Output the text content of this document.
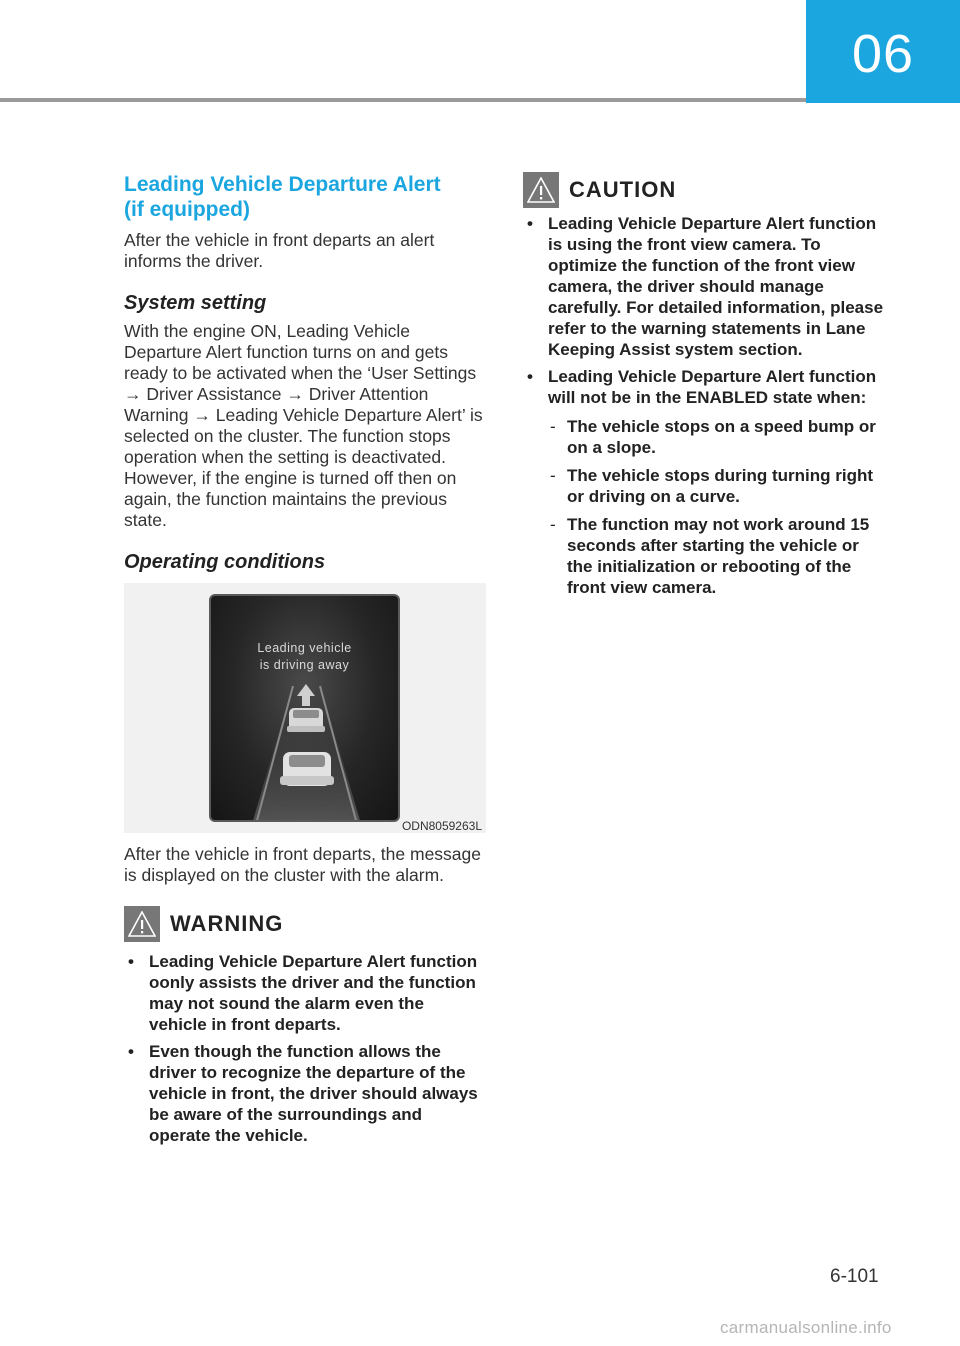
06
Leading Vehicle Departure Alert
(if equipped)

After the vehicle in front departs an alert informs the driver.

System setting

With the engine ON, Leading Vehicle Departure Alert function turns on and gets ready to be activated when the ‘User Settings → Driver Assistance → Driver Attention Warning → Leading Vehicle Departure Alert’ is selected on the cluster. The function stops operation when the setting is deactivated. However, if the engine is turned off then on again, the function maintains the previous state.

Operating conditions
Leading vehicle
is driving away
ODN8059263L

After the vehicle in front departs, the message is displayed on the cluster with the alarm.

WARNING
• Leading Vehicle Departure Alert function oonly assists the driver and the function may not sound the alarm even the vehicle in front departs.
• Even though the function allows the driver to recognize the departure of the vehicle in front, the driver should always be aware of the surroundings and operate the vehicle.
CAUTION
• Leading Vehicle Departure Alert function is using the front view camera. To optimize the function of the front view camera, the driver should manage carefully. For detailed information, please refer to the warning statements in Lane Keeping Assist system section.
• Leading Vehicle Departure Alert function will not be in the ENABLED state when:
- The vehicle stops on a speed bump or on a slope.
- The vehicle stops during turning right or driving on a curve.
- The function may not work around 15 seconds after starting the vehicle or the initialization or rebooting of the front view camera.
6-101
carmanualsonline.info
